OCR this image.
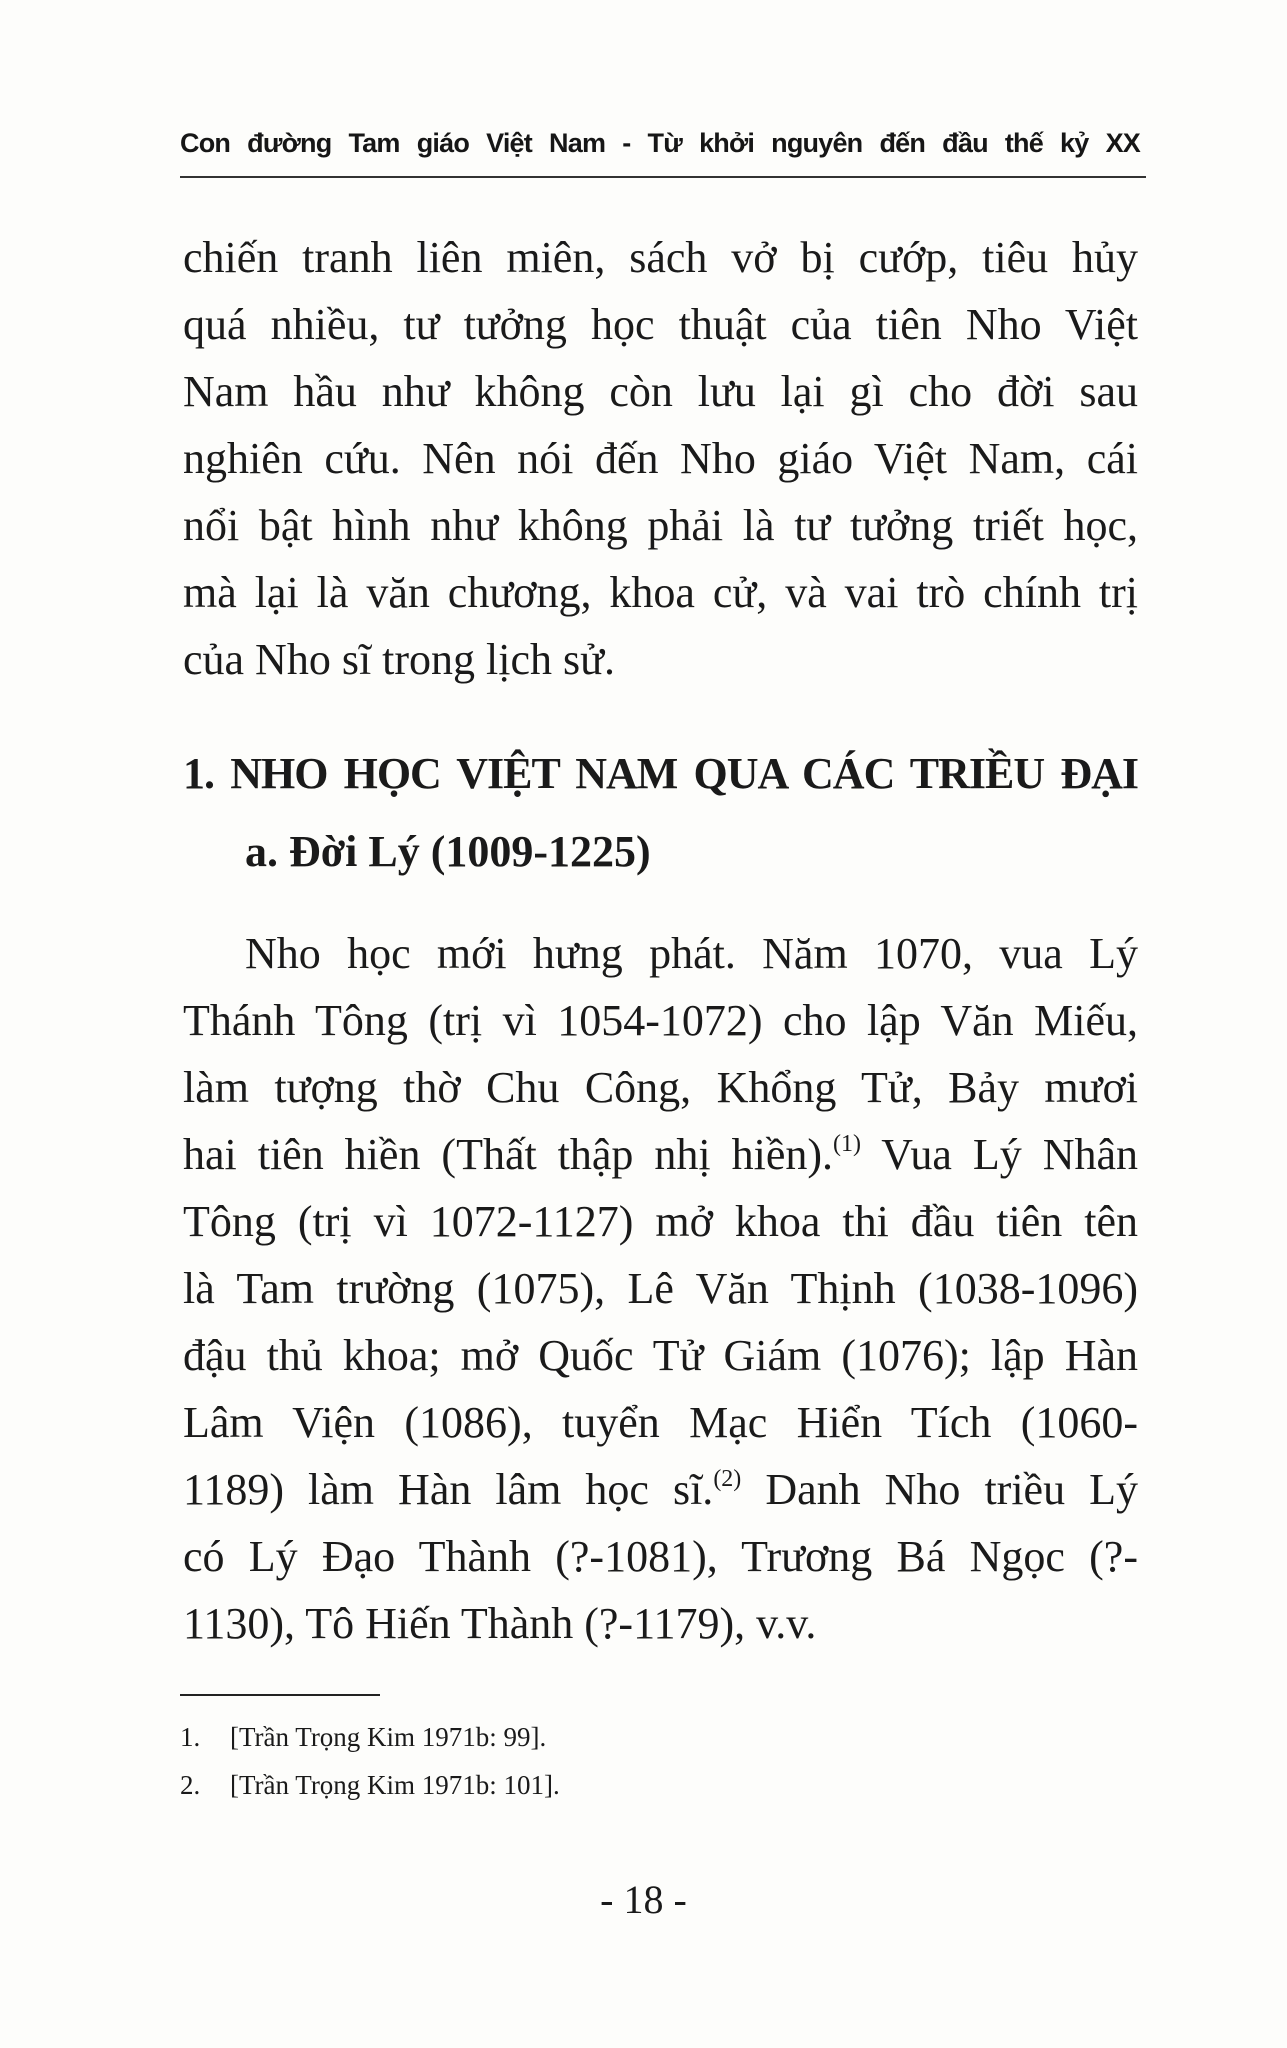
Con đường Tam giáo Việt Nam - Từ khởi nguyên đến đầu thế kỷ XX
chiến tranh liên miên, sách vở bị cướp, tiêu hủy
quá nhiều, tư tưởng học thuật của tiên Nho Việt
Nam hầu như không còn lưu lại gì cho đời sau
nghiên cứu. Nên nói đến Nho giáo Việt Nam, cái
nổi bật hình như không phải là tư tưởng triết học,
mà lại là văn chương, khoa cử, và vai trò chính trị
của Nho sĩ trong lịch sử.
1. NHO HỌC VIỆT NAM QUA CÁC TRIỀU ĐẠI
a. Đời Lý (1009-1225)
Nho học mới hưng phát. Năm 1070, vua Lý
Thánh Tông (trị vì 1054-1072) cho lập Văn Miếu,
làm tượng thờ Chu Công, Khổng Tử, Bảy mươi
hai tiên hiền (Thất thập nhị hiền).$^{(1)}$ Vua Lý Nhân
Tông (trị vì 1072-1127) mở khoa thi đầu tiên tên
là Tam trường (1075), Lê Văn Thịnh (1038-1096)
đậu thủ khoa; mở Quốc Tử Giám (1076); lập Hàn
Lâm Viện (1086), tuyển Mạc Hiển Tích (1060-
1189) làm Hàn lâm học sĩ.$^{(2)}$ Danh Nho triều Lý
có Lý Đạo Thành (?-1081), Trương Bá Ngọc (?-
1130), Tô Hiến Thành (?-1179), v.v.
1. [Trần Trọng Kim 1971b: 99].
2. [Trần Trọng Kim 1971b: 101].
- 18 -
